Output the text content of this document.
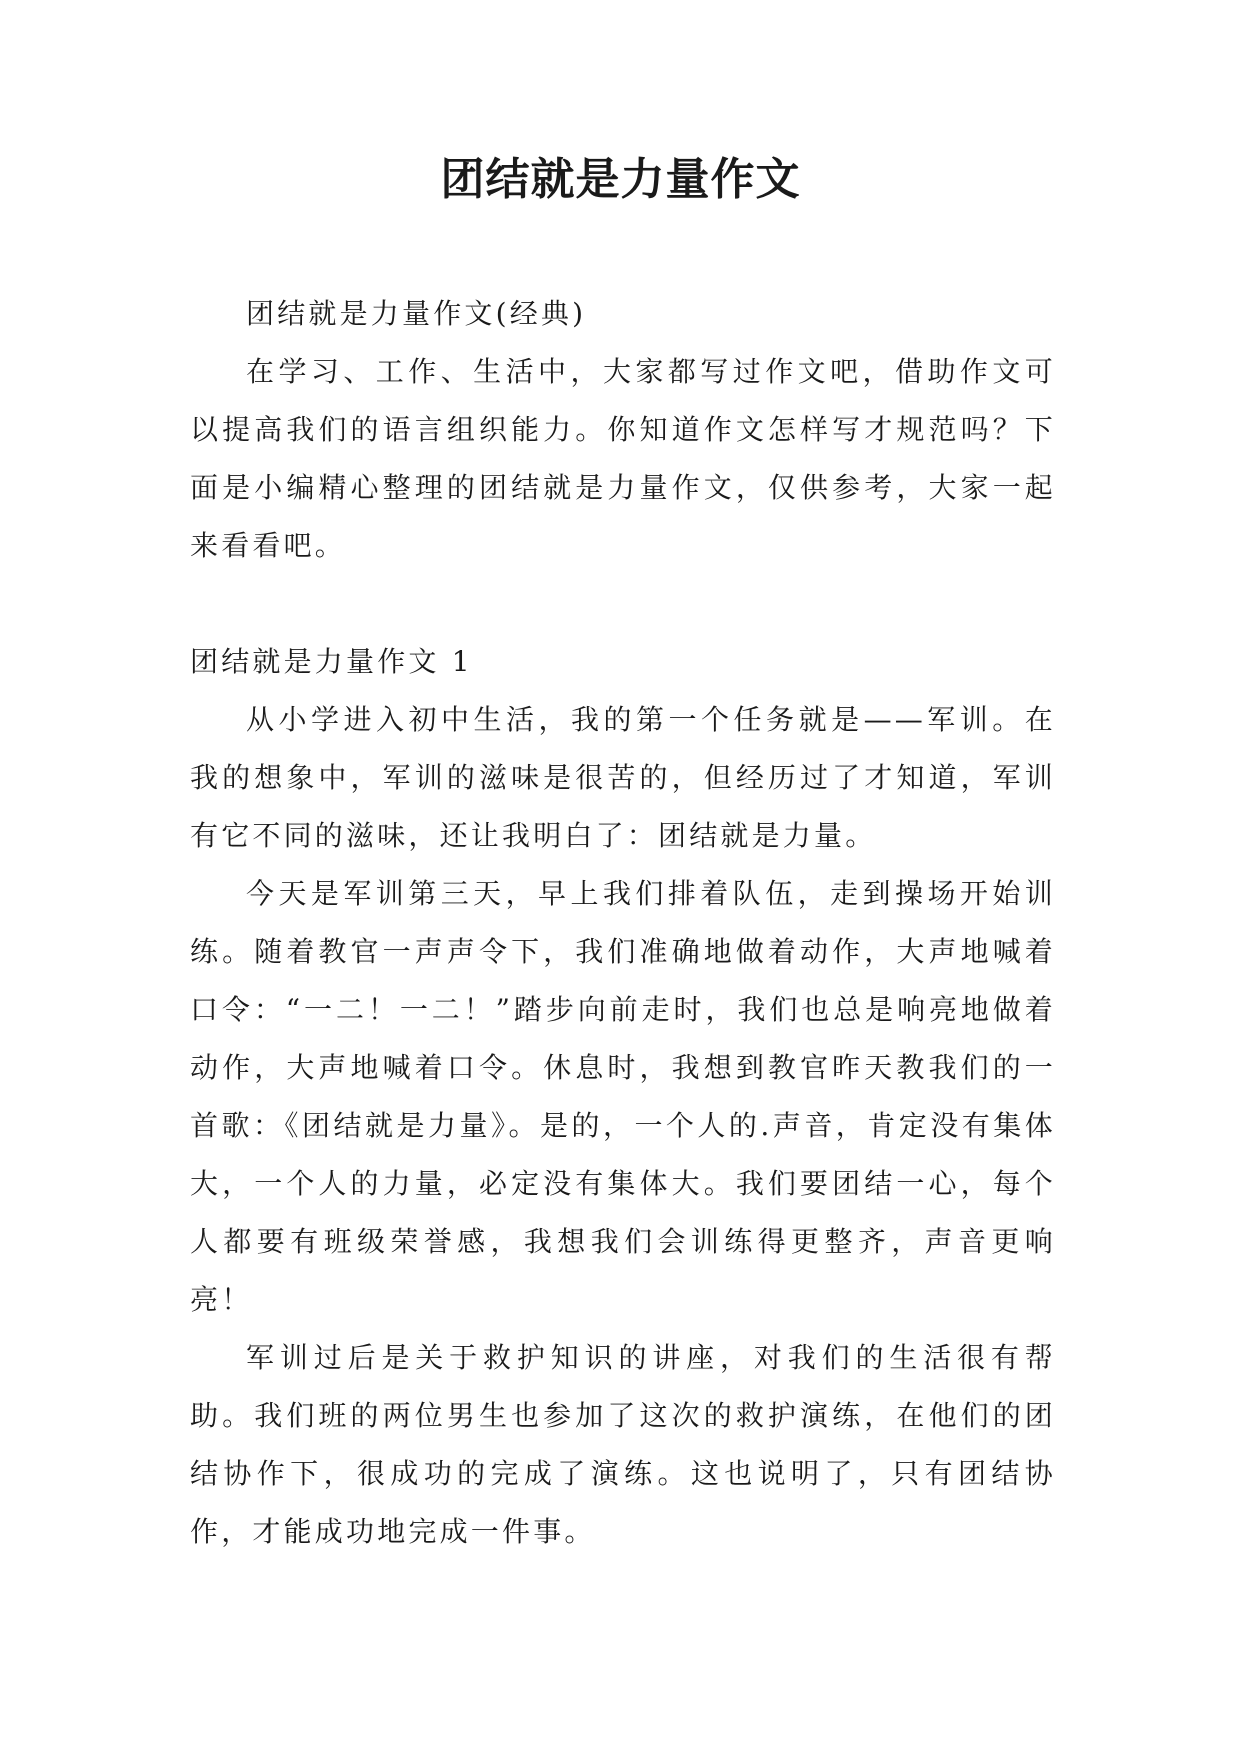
团结就是力量作文

团结就是力量作文(经典)

在学习、工作、生活中，大家都写过作文吧，借助作文可以提高我们的语言组织能力。你知道作文怎样写才规范吗？下面是小编精心整理的团结就是力量作文，仅供参考，大家一起来看看吧。

团结就是力量作文 1

从小学进入初中生活，我的第一个任务就是——军训。在我的想象中，军训的滋味是很苦的，但经历过了才知道，军训有它不同的滋味，还让我明白了：团结就是力量。

今天是军训第三天，早上我们排着队伍，走到操场开始训练。随着教官一声声令下，我们准确地做着动作，大声地喊着口令：“一二！一二！”踏步向前走时，我们也总是响亮地做着动作，大声地喊着口令。休息时，我想到教官昨天教我们的一首歌：《团结就是力量》。是的，一个人的.声音，肯定没有集体大，一个人的力量，必定没有集体大。我们要团结一心，每个人都要有班级荣誉感，我想我们会训练得更整齐，声音更响亮！

军训过后是关于救护知识的讲座，对我们的生活很有帮助。我们班的两位男生也参加了这次的救护演练，在他们的团结协作下，很成功的完成了演练。这也说明了，只有团结协作，才能成功地完成一件事。
